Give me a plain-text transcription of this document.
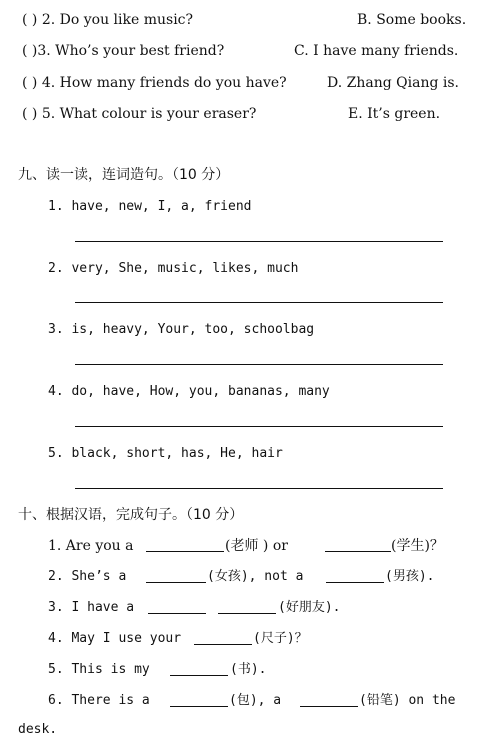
( ) 2. Do you like music?	B. Some books.
( )3. Who’s your best friend?	C. I have many friends.
( ) 4. How many friends do you have?	D. Zhang Qiang is.
( ) 5. What colour is your eraser?	E. It’s green.
九、读一读，连词造句。（10 分）
1. have, new, I, a, friend
2. very, She, music, likes, much
3. is, heavy, Your, too, schoolbag
4. do, have, How, you, bananas, many
5. black, short, has, He, hair
十、根据汉语，完成句子。（10 分）
1. Are you a	(老师 ) or	(学生)？
2. She’s a	(女孩), not a	(男孩).
3. I have a	(好朋友).
4. May I use your	(尺子)？
5. This is my	(书).
6. There is a	(包), a	(铅笔) on the
desk.
